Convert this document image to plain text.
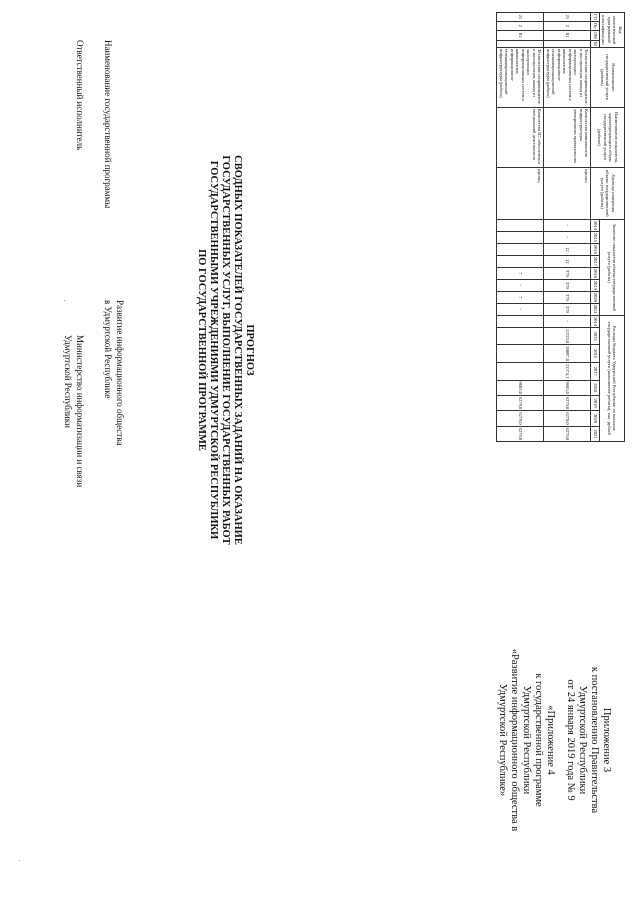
Приложение 3
к постановлению Правительства
Удмуртской Республики
от 24 января 2019 года № 9
«Приложение 4
к государственной программе
Удмуртской Республики
«Развитие информационного общества в
Удмуртской Республике»
ПРОГНОЗ
СВОДНЫХ ПОКАЗАТЕЛЕЙ ГОСУДАРСТВЕННЫХ ЗАДАНИЙ НА ОКАЗАНИЕ
ГОСУДАРСТВЕННЫХ УСЛУГ, ВЫПОЛНЕНИЕ ГОСУДАРСТВЕННЫХ РАБОТ
ГОСУДАРСТВЕННЫМИ УЧРЕЖДЕНИЯМИ УДМУРТСКОЙ РЕСПУБЛИКИ
ПО ГОСУДАРСТВЕННОЙ ПРОГРАММЕ
Наименование государственной программы
Развитие информационного общества
в Удмуртской Республике
Ответственный исполнитель
Министерство информатизации и связи
Удмуртской Республики
Код аналитической программной классификации				Наименование государственной услуги (работы)	Наименование показателя, характеризующего объем государственной услуги (работы)	Единица измерения объема государственной услуги (работы)	Значение показателя объема государственной услуги (работы)								Расходы бюджета Удмуртской Республики на оказание государственной услуги (выполнение работы), тыс. рублей							
ГП	Пп	ОМ	М				2014	2015	2016	2017	2018	2019	2020	2021	2014	2015	2016	2017	2018	2019	2020	2021
21	2	01		Техническое сопровождение и эксплуатация, вывод из эксплуатации информационных систем и компонентов информационно-телекоммуникационной инфраструктуры (работа)	Количество компонентов инфраструктуры электронного правительства	единиц	-	-	12	12	379	379	379	379	-	11223,0	20097,8	21374,1	9683,0	6279,0	6279,0	6279,0
21	2	01		Техническое сопровождение и эксплуатация, вывод из эксплуатации информационных систем и компонентов информационно-телекоммуникационной инфраструктуры (работа)	Количество ИС обеспечения специальной деятельности	единиц					7	-	7	-					9683,0	6279,0	6279,0	6279,0
